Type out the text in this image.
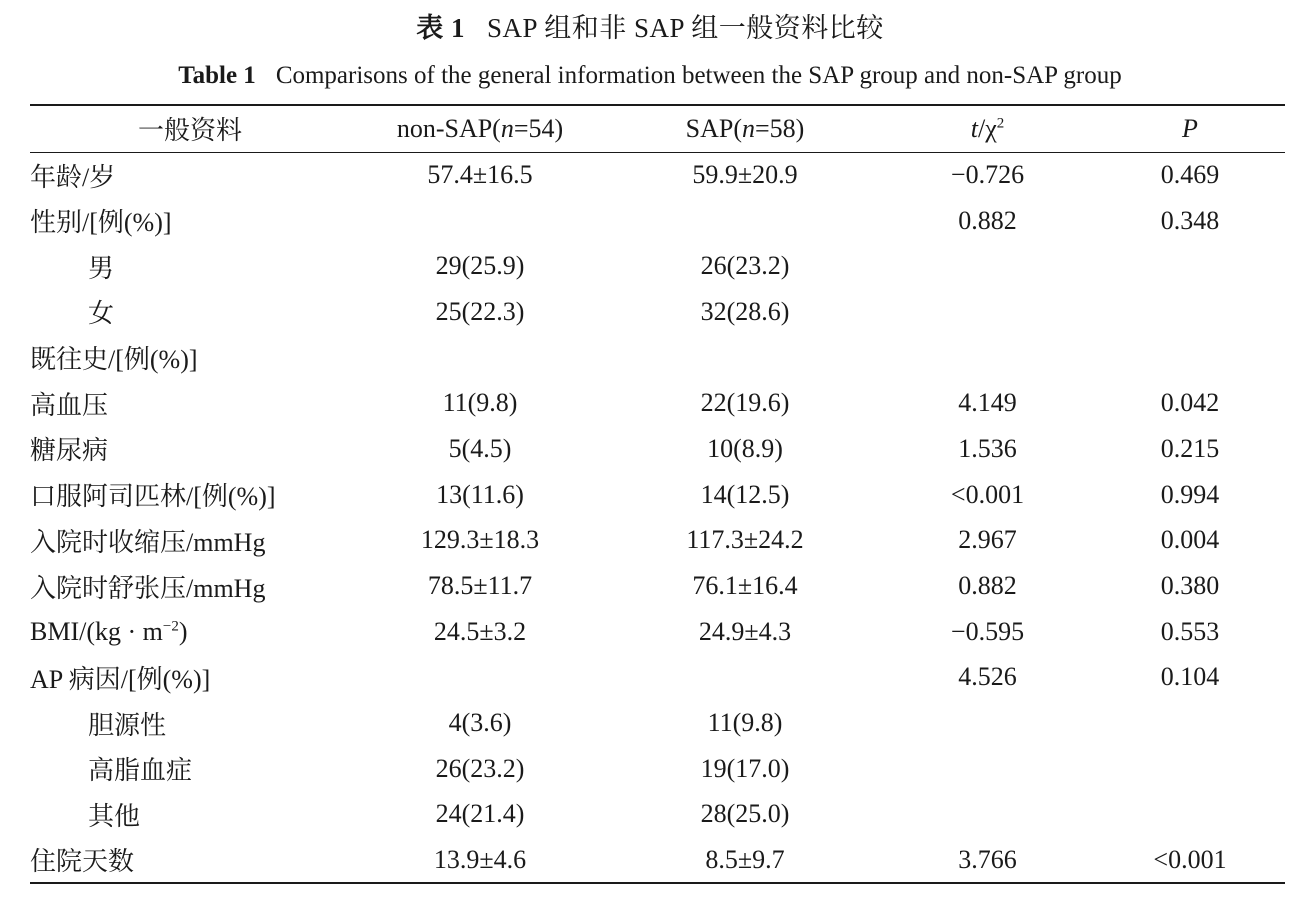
表 1 SAP 组和非 SAP 组一般资料比较
Table 1 Comparisons of the general information between the SAP group and non-SAP group
一般资料	non-SAP(n=54)	SAP(n=58)	$t/\chi^2$	P
年龄/岁	57.4±16.5	59.9±20.9	−0.726	0.469
性别/[例(%)]			0.882	0.348
男	29(25.9)	26(23.2)		
女	25(22.3)	32(28.6)		
既往史/[例(%)]				
高血压	11(9.8)	22(19.6)	4.149	0.042
糖尿病	5(4.5)	10(8.9)	1.536	0.215
口服阿司匹林/[例(%)]	13(11.6)	14(12.5)	<0.001	0.994
入院时收缩压/mmHg	129.3±18.3	117.3±24.2	2.967	0.004
入院时舒张压/mmHg	78.5±11.7	76.1±16.4	0.882	0.380
$BMI/(kg \cdot m^{-2})$	24.5±3.2	24.9±4.3	−0.595	0.553
AP 病因/[例(%)]			4.526	0.104
胆源性	4(3.6)	11(9.8)		
高脂血症	26(23.2)	19(17.0)		
其他	24(21.4)	28(25.0)		
住院天数	13.9±4.6	8.5±9.7	3.766	<0.001
